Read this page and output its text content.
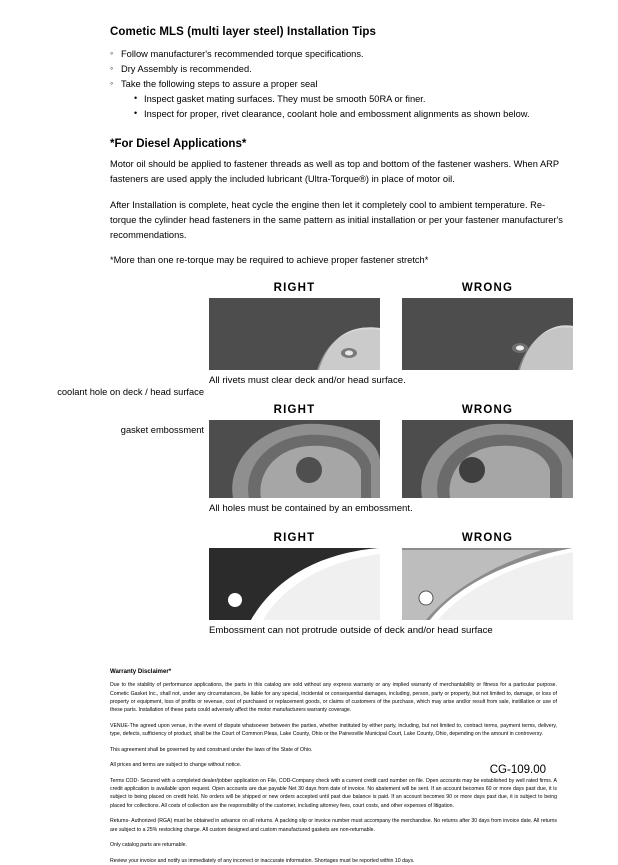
Cometic MLS (multi layer steel) Installation Tips
◦ Follow manufacturer's recommended torque specifications.
◦ Dry Assembly is recommended.
◦ Take the following steps to assure a proper seal
• Inspect gasket mating surfaces. They must be smooth 50RA or finer.
• Inspect for proper, rivet clearance, coolant hole and embossment alignments as shown below.
*For Diesel Applications*

Motor oil should be applied to fastener threads as well as top and bottom of the fastener washers. When ARP fasteners are used apply the included lubricant (Ultra-Torque®) in place of motor oil.

After Installation is complete, heat cycle the engine then let it completely cool to ambient temperature. Re-torque the cylinder head fasteners in the same pattern as initial installation or per your fastener manufacturer's recommendations.

*More than one re-torque may be required to achieve proper fastener stretch*

coolant hole on deck / head surface
gasket embossment
RIGHT	WRONG
All rivets must clear deck and/or head surface.
RIGHT	WRONG
All holes must be contained by an embossment.
RIGHT	WRONG
Embossment can not protrude outside of deck and/or head surface
Warranty Disclaimer*

Due to the stability of performance applications, the parts in this catalog are sold without any express warranty or any implied warranty of merchantability or fitness for a particular purpose. Cometic Gasket Inc., shall not, under any circumstances, be liable for any special, incidental or consequential damages, including, person, party or property, but not limited to, damage, or loss of property or equipment, loss of profits or revenue, cost of purchased or replacement goods, or claims of customers of the purchase, which may arise and/or result from sale, instillation or use of these parts. Installation of these parts could adversely affect the motor manufacturers warranty coverage.

VENUE-The agreed upon venue, in the event of dispute whatsoever between the parties, whether instituted by either party, including, but not limited to, contract terms, payment terms, delivery, type, defects, sufficiency of product, shall be the Court of Common Pleas, Lake County, Ohio or the Painesville Municipal Court, Lake County, Ohio, depending on the amount in controversy.

This agreement shall be governed by and construed under the laws of the State of Ohio.

All prices and terms are subject to change without notice.

Terms COD- Secured with a completed dealer/jobber application on File, COD-Company check with a current credit card number on file. Open accounts may be established by well rated firms. A credit application is available upon request. Open accounts are due payable Net 30 days from date of invoice. No abatement will be sent. If an account becomes 60 or more days past due, it is subject to being placed on credit hold. No orders will be shipped or new orders accepted until past due balance is paid. If an account becomes 90 or more days past due, it is subject to being placed for collections. All costs of collection are the responsibility of the customer, including attorney fees, court costs, and other expenses of litigation.

Returns- Authorized (RGA) must be obtained in advance on all returns. A packing slip or invoice number must accompany the merchandise. No returns after 30 days from invoice date. All returns are subject to a 25% restocking charge. All custom designed and custom manufactured gaskets are non-returnable.

Only catalog parts are returnable.

Review your invoice and notify us immediately of any incorrect or inaccurate information. Shortages must be reported within 10 days.

CG-109.00
